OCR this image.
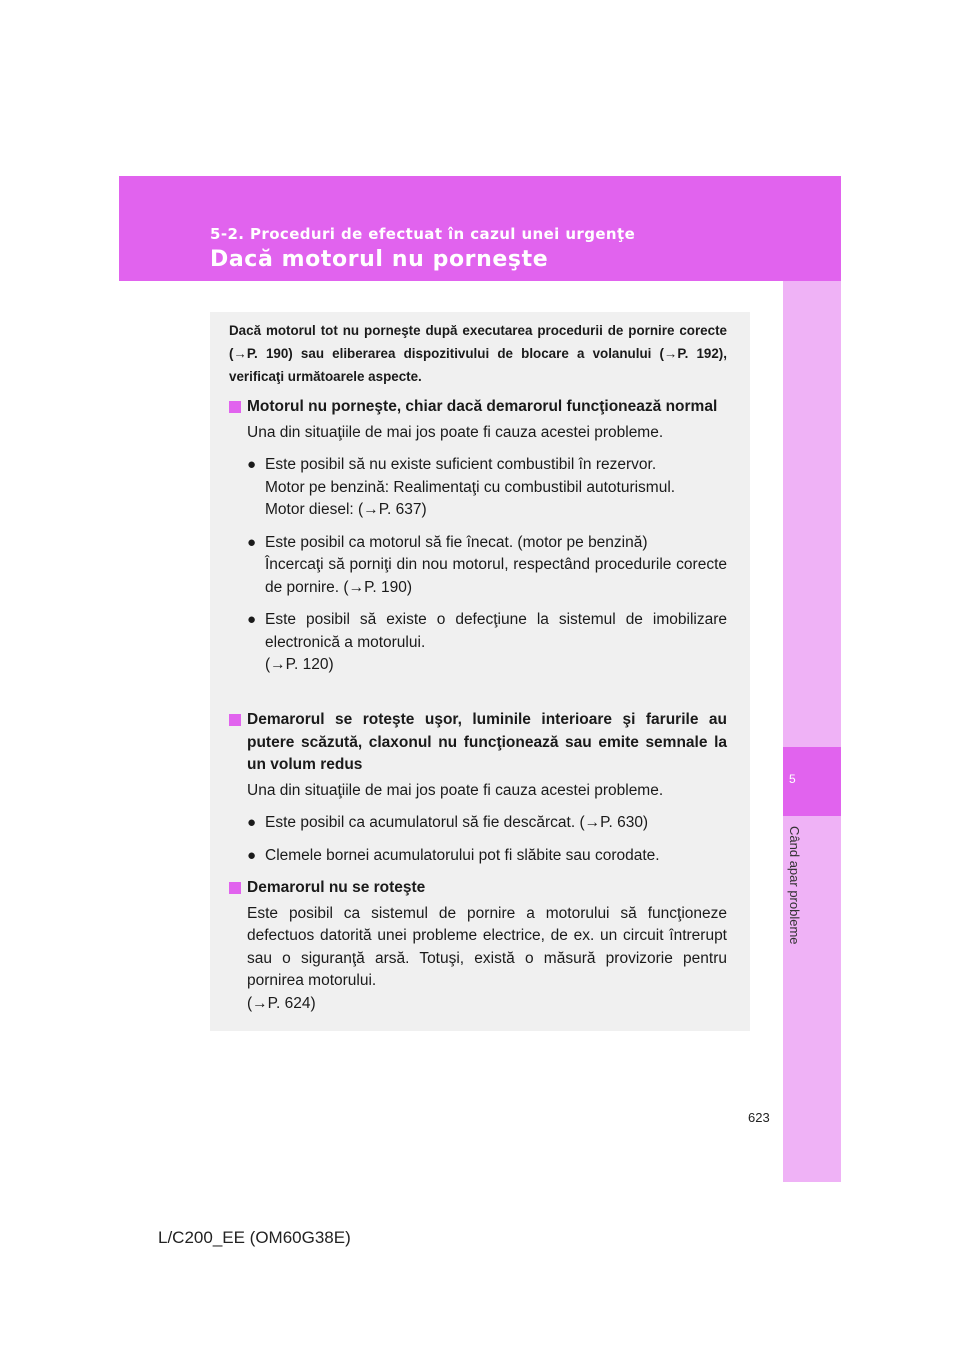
5-2. Proceduri de efectuat în cazul unei urgenţe
Dacă motorul nu porneşte
5
Când apar probleme

Dacă motorul tot nu porneşte după executarea procedurii de pornire corecte (→P. 190) sau eliberarea dispozitivului de blocare a volanului (→P. 192), verificaţi următoarele aspecte.

Motorul nu porneşte, chiar dacă demarorul funcţionează normal

Una din situaţiile de mai jos poate fi cauza acestei probleme.

● Este posibil să nu existe suficient combustibil în rezervor.

Motor pe benzină: Realimentaţi cu combustibil autoturismul.

Motor diesel: (→P. 637)

● Este posibil ca motorul să fie înecat. (motor pe benzină)

Încercaţi să porniţi din nou motorul, respectând procedurile corecte de pornire. (→P. 190)

● Este posibil să existe o defecţiune la sistemul de imobilizare electronică a motorului.

(→P. 120)

Demarorul se roteşte uşor, luminile interioare şi farurile au putere scăzută, claxonul nu funcţionează sau emite semnale la un volum redus

Una din situaţiile de mai jos poate fi cauza acestei probleme.

● Este posibil ca acumulatorul să fie descărcat. (→P. 630)

● Clemele bornei acumulatorului pot fi slăbite sau corodate.

Demarorul nu se roteşte

Este posibil ca sistemul de pornire a motorului să funcţioneze defectuos datorită unei probleme electrice, de ex. un circuit întrerupt sau o siguranţă arsă. Totuşi, există o măsură provizorie pentru pornirea motorului.

(→P. 624)

623
L/C200_EE (OM60G38E)
